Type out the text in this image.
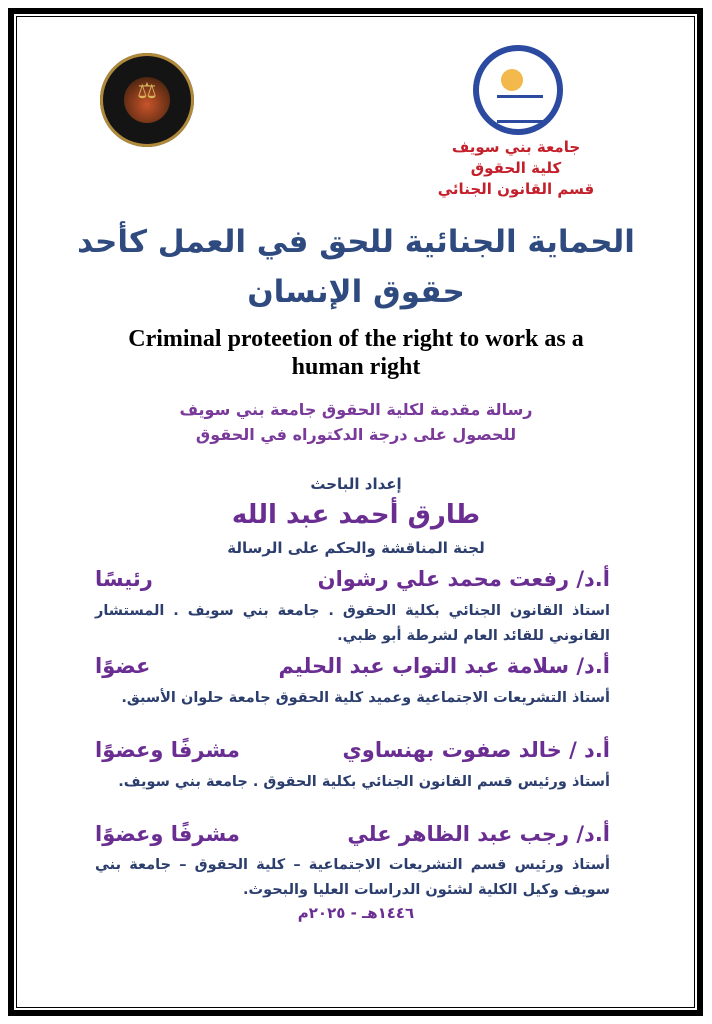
⚖
جامعة بني سويف
كلية الحقوق
قسم القانون الجنائي
الحماية الجنائية للحق في العمل كأحد
حقوق الإنسان
Criminal proteetion of the right to work as a
human right
رسالة مقدمة لكلية الحقوق جامعة بني سويف
للحصول على درجة الدكتوراه في الحقوق
إعداد الباحث
طارق أحمد عبد الله
لجنة المناقشة والحكم على الرسالة
أ.د/ رفعت محمد علي رشوان
رئيسًا
استاذ القانون الجنائي بكلية الحقوق . جامعة بني سويف . المستشار القانوني للقائد العام لشرطة أبو ظبي.
أ.د/ سلامة عبد التواب عبد الحليم
عضوًا
أستاذ التشريعات الاجتماعية وعميد كلية الحقوق جامعة حلوان الأسبق.
أ.د / خالد صفوت بهنساوي
مشرفًا وعضوًا
أستاذ ورئيس قسم القانون الجنائي بكلية الحقوق . جامعة بني سويف.
أ.د/ رجب عبد الظاهر علي
مشرفًا وعضوًا
أستاذ ورئيس قسم التشريعات الاجتماعية – كلية الحقوق – جامعة بني سويف وكيل الكلية لشئون الدراسات العليا والبحوث.
١٤٤٦هـ - ٢٠٢٥م
